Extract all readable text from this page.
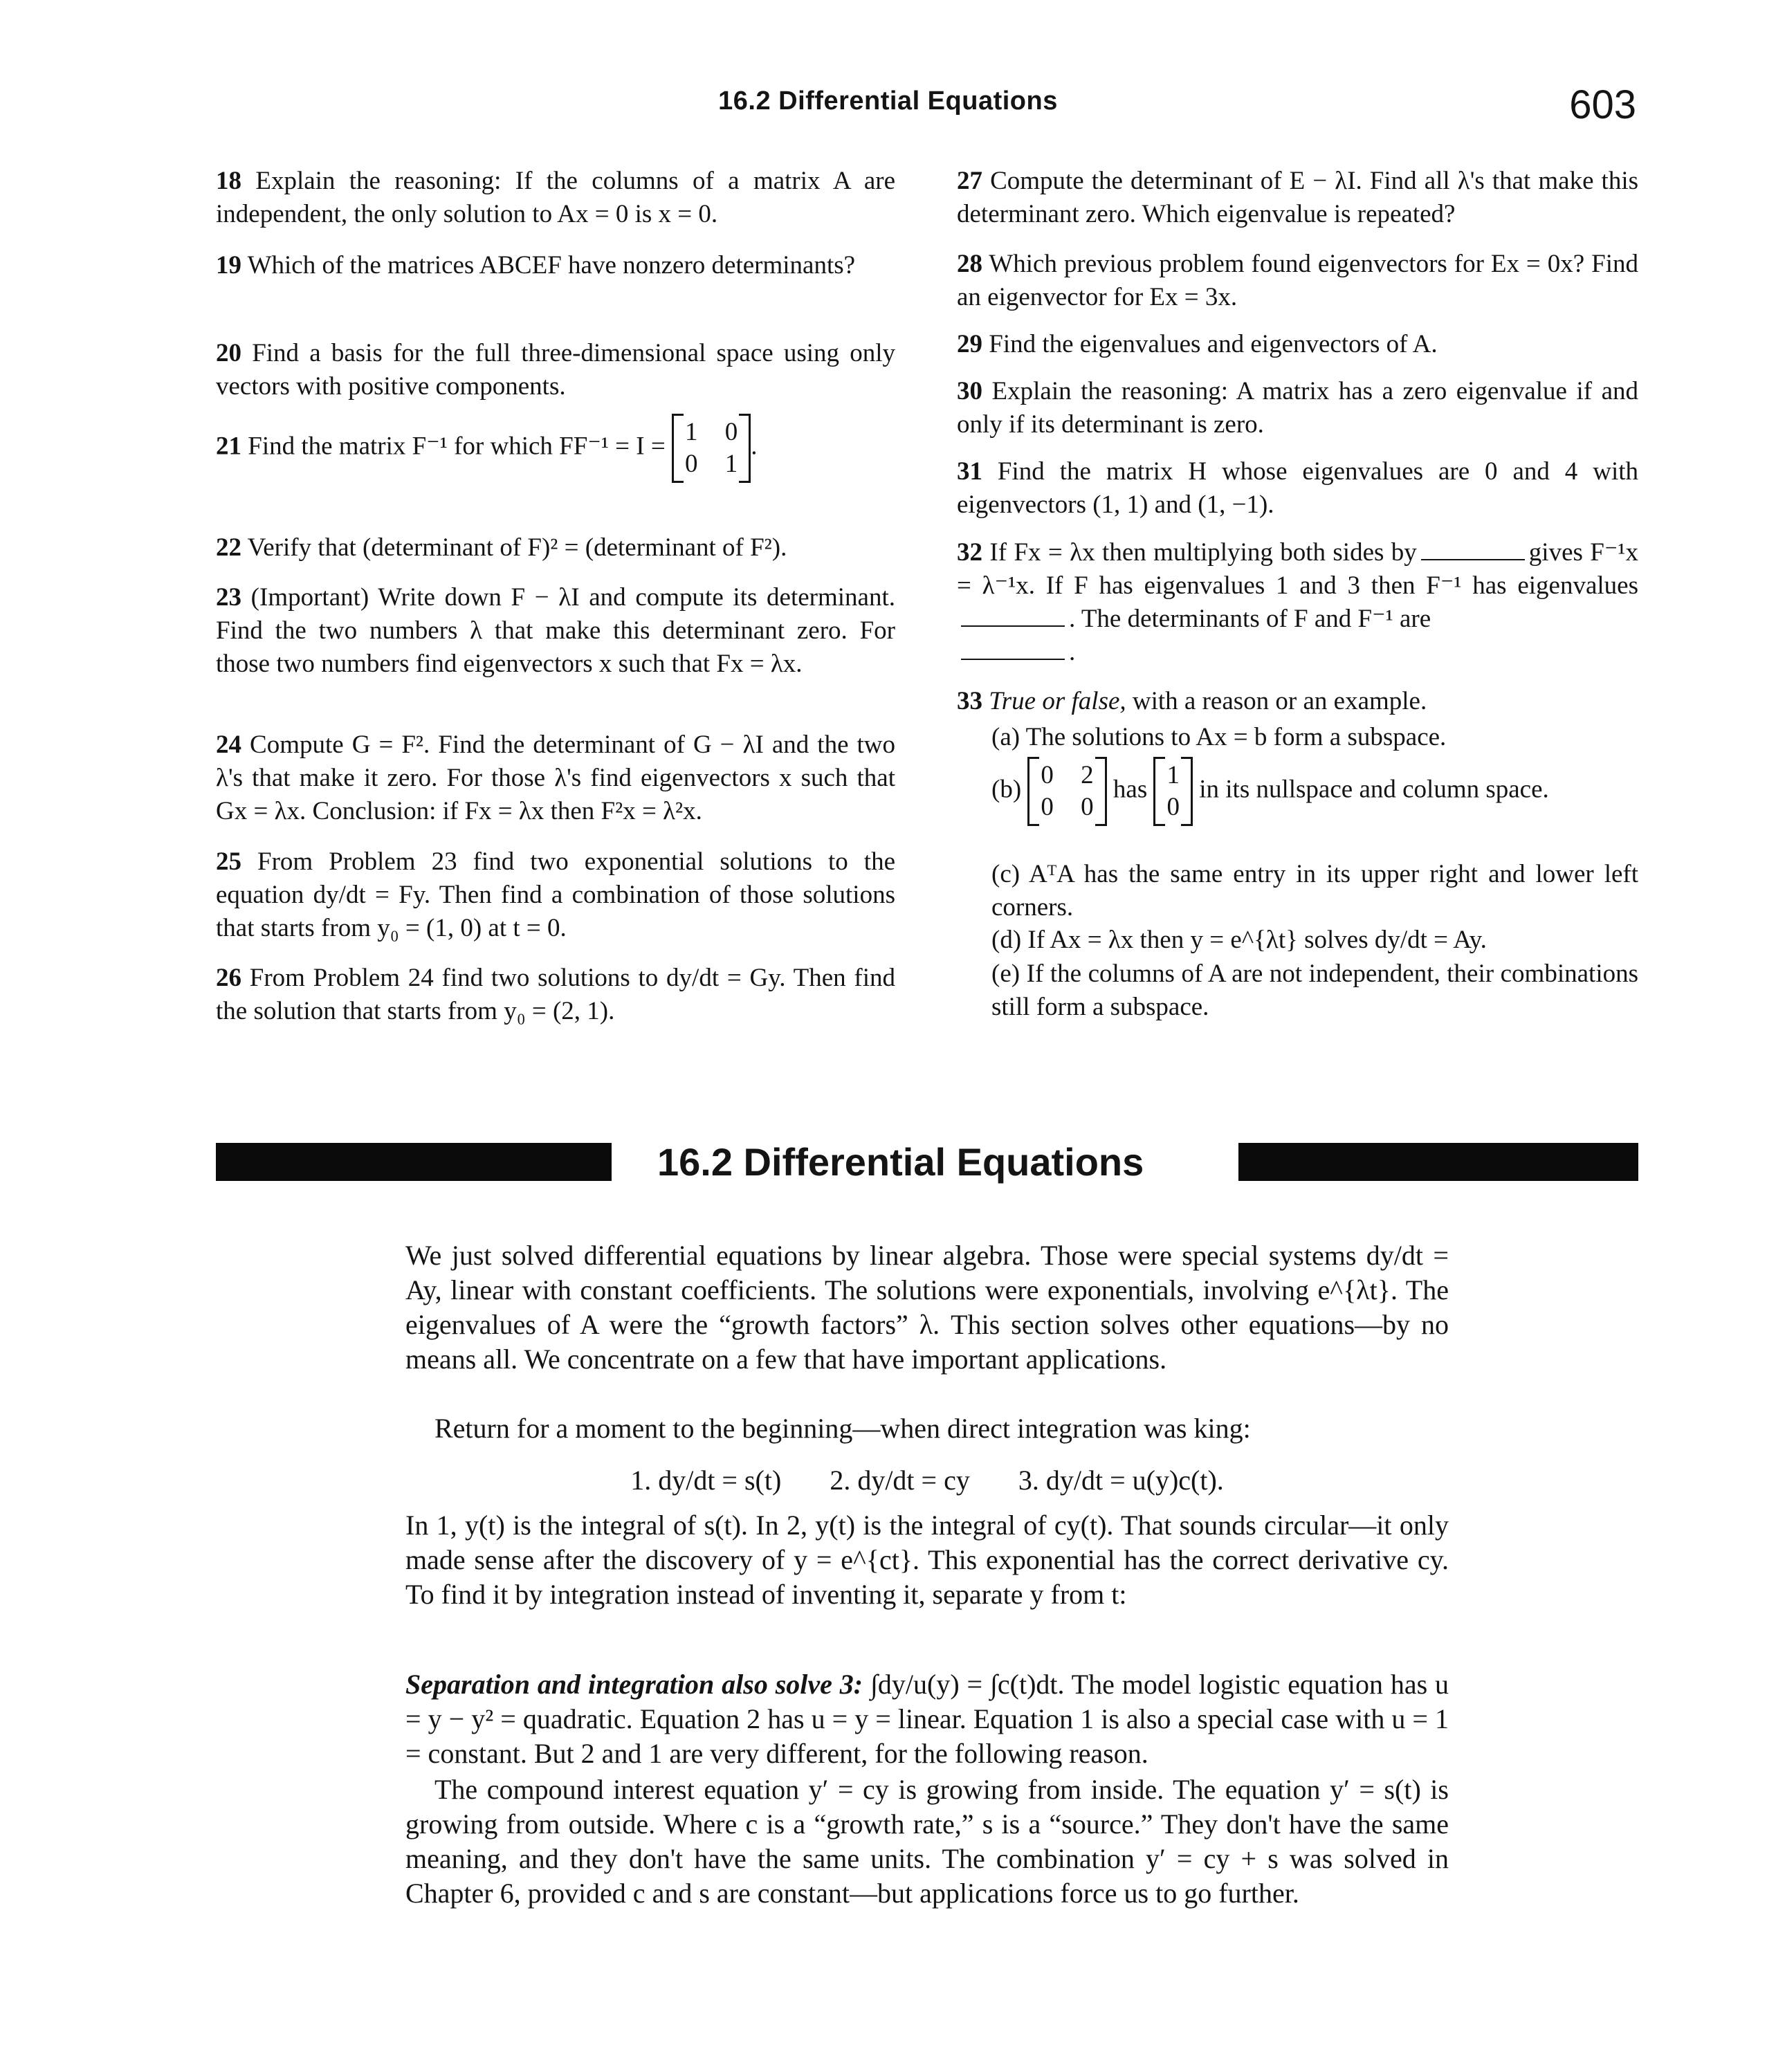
16.2 Differential Equations	603
18 Explain the reasoning: If the columns of a matrix A are independent, the only solution to Ax = 0 is x = 0.
19 Which of the matrices ABCEF have nonzero determinants?
20 Find a basis for the full three-dimensional space using only vectors with positive components.
21 Find the matrix F⁻¹ for which FF⁻¹ = I = 1 0
0 1
.
22 Verify that (determinant of F)² = (determinant of F²).
23 (Important) Write down F − λI and compute its determinant. Find the two numbers λ that make this determinant zero. For those two numbers find eigenvectors x such that Fx = λx.
24 Compute G = F². Find the determinant of G − λI and the two λ's that make it zero. For those λ's find eigenvectors x such that Gx = λx. Conclusion: if Fx = λx then F²x = λ²x.
25 From Problem 23 find two exponential solutions to the equation dy/dt = Fy. Then find a combination of those solutions that starts from y₀ = (1, 0) at t = 0.
26 From Problem 24 find two solutions to dy/dt = Gy. Then find the solution that starts from y₀ = (2, 1).
27 Compute the determinant of E − λI. Find all λ's that make this determinant zero. Which eigenvalue is repeated?
28 Which previous problem found eigenvectors for Ex = 0x? Find an eigenvector for Ex = 3x.
29 Find the eigenvalues and eigenvectors of A.
30 Explain the reasoning: A matrix has a zero eigenvalue if and only if its determinant is zero.
31 Find the matrix H whose eigenvalues are 0 and 4 with eigenvectors (1, 1) and (1, −1).
32 If Fx = λx then multiplying both sides by	gives F⁻¹x = λ⁻¹x. If F has eigenvalues 1 and 3 then F⁻¹ has eigenvalues. The determinants of F and F⁻¹ are
.
33 True or false, with a reason or an example.
(a) The solutions to Ax = b form a subspace.
(b) 0 2
0 0
has 1
0
in its nullspace and column space.
(c) AᵀA has the same entry in its upper right and lower left corners.
(d) If Ax = λx then y = e^{λt} solves dy/dt = Ay.
(e) If the columns of A are not independent, their combinations still form a subspace.
16.2 Differential Equations
We just solved differential equations by linear algebra. Those were special systems dy/dt = Ay, linear with constant coefficients. The solutions were exponentials, involving e^{λt}. The eigenvalues of A were the “growth factors” λ. This section solves other equations—by no means all. We concentrate on a few that have important applications.
Return for a moment to the beginning—when direct integration was king:
1. dy/dt = s(t) 2. dy/dt = cy 3. dy/dt = u(y)c(t).
In 1, y(t) is the integral of s(t). In 2, y(t) is the integral of cy(t). That sounds circular—it only made sense after the discovery of y = e^{ct}. This exponential has the correct derivative cy. To find it by integration instead of inventing it, separate y from t:
Separation and integration also solve 3: ∫dy/u(y) = ∫c(t)dt. The model logistic equation has u = y − y² = quadratic. Equation 2 has u = y = linear. Equation 1 is also a special case with u = 1 = constant. But 2 and 1 are very different, for the following reason.
The compound interest equation y′ = cy is growing from inside. The equation y′ = s(t) is growing from outside. Where c is a “growth rate,” s is a “source.” They don't have the same meaning, and they don't have the same units. The combination y′ = cy + s was solved in Chapter 6, provided c and s are constant—but applications force us to go further.
